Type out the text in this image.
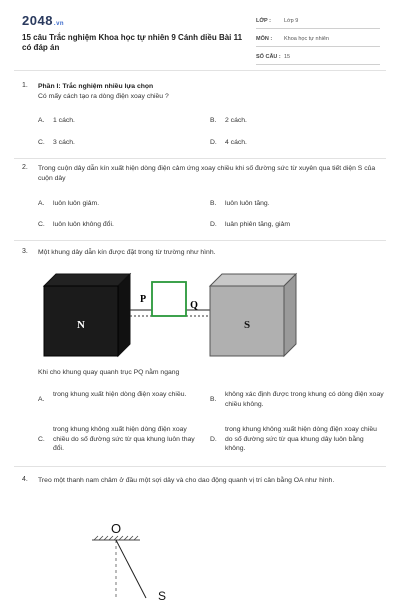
2048.vn
15 câu Trắc nghiệm Khoa học tự nhiên 9 Cánh diều Bài 11 có đáp án
LỚP : Lớp 9
MÔN : Khoa học tự nhiên
SỐ CÂU : 15
1. Phần I: Trắc nghiệm nhiều lựa chọn
Có mấy cách tạo ra dòng điện xoay chiều ?
A. 1 cách.	B. 2 cách.
C. 3 cách.	D. 4 cách.
2. Trong cuộn dây dẫn kín xuất hiện dòng điện cảm ứng xoay chiều khi số đường sức từ xuyên qua tiết diện S của cuộn dây
A. luôn luôn giảm.	B. luôn luôn tăng.
C. luôn luôn không đổi.	D. luân phiên tăng, giảm
3. Một khung dây dẫn kín được đặt trong từ trường như hình.
N
P
Q
S
Khi cho khung quay quanh trục PQ nằm ngang
A.
trong khung xuất hiện dòng điện xoay chiều.
B.
không xác định được trong khung có dòng điện xoay chiều không.
C.
trong khung không xuất hiện dòng điện xoay chiều do số đường sức từ qua khung luôn thay đổi.
D.
trong khung không xuất hiện dòng điện xoay chiều do số đường sức từ qua khung dây luôn bằng không.
4. Treo một thanh nam châm ở đầu một sợi dây và cho dao động quanh vị trí cân bằng OA như hình.
O
S
